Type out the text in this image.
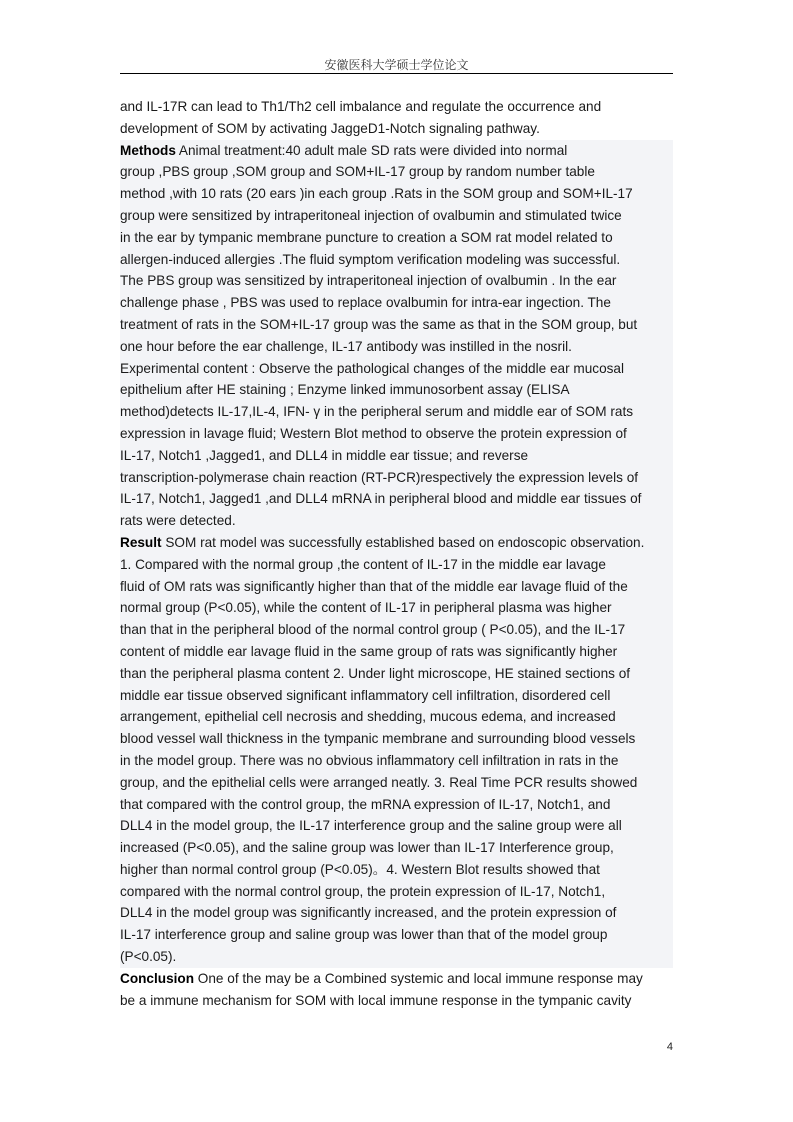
安徽医科大学硕士学位论文

and IL-17R can lead to Th1/Th2 cell imbalance and regulate the occurrence and

development of SOM by activating JaggeD1-Notch signaling pathway.

Methods Animal treatment:40 adult male SD rats were divided into normal

group ,PBS group ,SOM group and SOM+IL-17 group by random number table

method ,with 10 rats (20 ears )in each group .Rats in the SOM group and SOM+IL-17

group were sensitized by intraperitoneal injection of ovalbumin and stimulated twice

in the ear by tympanic membrane puncture to creation a SOM rat model related to

allergen-induced allergies .The fluid symptom verification modeling was successful.

The PBS group was sensitized by intraperitoneal injection of ovalbumin . In the ear

challenge phase , PBS was used to replace ovalbumin for intra-ear ingection. The

treatment of rats in the SOM+IL-17 group was the same as that in the SOM group, but

one hour before the ear challenge, IL-17 antibody was instilled in the nosril.

Experimental content : Observe the pathological changes of the middle ear mucosal

epithelium after HE staining ; Enzyme linked immunosorbent assay (ELISA

method)detects IL-17,IL-4, IFN- γ in the peripheral serum and middle ear of SOM rats

expression in lavage fluid; Western Blot method to observe the protein expression of

IL-17, Notch1 ,Jagged1, and DLL4 in middle ear tissue; and reverse

transcription-polymerase chain reaction (RT-PCR)respectively the expression levels of

IL-17, Notch1, Jagged1 ,and DLL4 mRNA in peripheral blood and middle ear tissues of

rats were detected.

Result SOM rat model was successfully established based on endoscopic observation.

1. Compared with the normal group ,the content of IL-17 in the middle ear lavage

fluid of OM rats was significantly higher than that of the middle ear lavage fluid of the

normal group (P<0.05), while the content of IL-17 in peripheral plasma was higher

than that in the peripheral blood of the normal control group ( P<0.05), and the IL-17

content of middle ear lavage fluid in the same group of rats was significantly higher

than the peripheral plasma content 2. Under light microscope, HE stained sections of

middle ear tissue observed significant inflammatory cell infiltration, disordered cell

arrangement, epithelial cell necrosis and shedding, mucous edema, and increased

blood vessel wall thickness in the tympanic membrane and surrounding blood vessels

in the model group. There was no obvious inflammatory cell infiltration in rats in the

group, and the epithelial cells were arranged neatly. 3. Real Time PCR results showed

that compared with the control group, the mRNA expression of IL-17, Notch1, and

DLL4 in the model group, the IL-17 interference group and the saline group were all

increased (P<0.05), and the saline group was lower than IL-17 Interference group,

higher than normal control group (P<0.05)。4. Western Blot results showed that

compared with the normal control group, the protein expression of IL-17, Notch1,

DLL4 in the model group was significantly increased, and the protein expression of

IL-17 interference group and saline group was lower than that of the model group

(P<0.05).

Conclusion One of the may be a Combined systemic and local immune response may

be a immune mechanism for SOM with local immune response in the tympanic cavity

4
